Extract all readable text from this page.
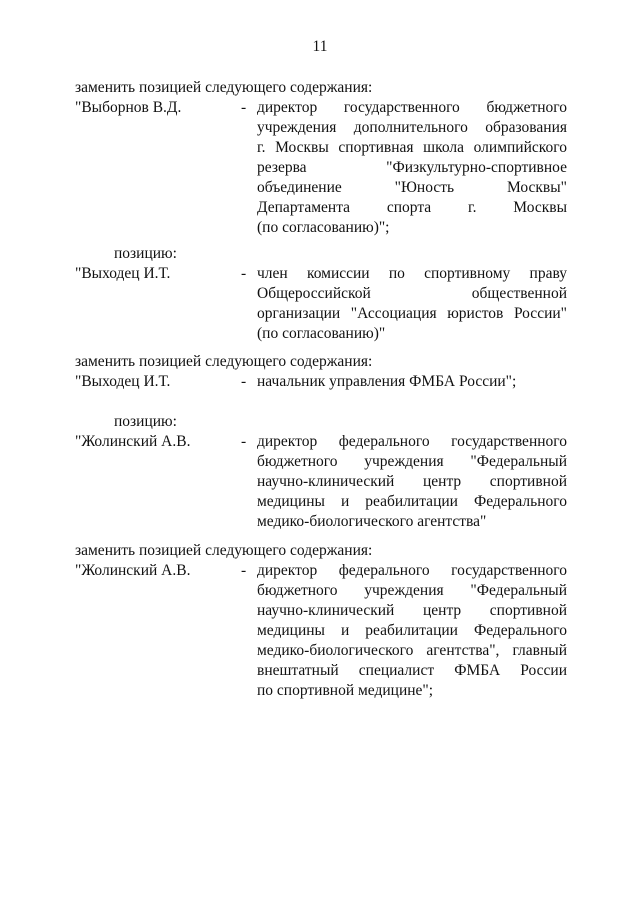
11
заменить позицией следующего содержания:
"Выборнов В.Д.	- директор государственного бюджетного
учреждения дополнительного образования
г. Москвы спортивная школа олимпийского
резерва "Физкультурно-спортивное
объединение "Юность Москвы"
Департамента спорта г. Москвы
(по согласованию)";
позицию:
"Выходец И.Т.	- член комиссии по спортивному праву
Общероссийской общественной
организации "Ассоциация юристов России"
(по согласованию)"
заменить позицией следующего содержания:
"Выходец И.Т.	- начальник управления ФМБА России";
позицию:
"Жолинский А.В.	- директор федерального государственного
бюджетного учреждения "Федеральный
научно-клинический центр спортивной
медицины и реабилитации Федерального
медико-биологического агентства"
заменить позицией следующего содержания:
"Жолинский А.В.	- директор федерального государственного
бюджетного учреждения "Федеральный
научно-клинический центр спортивной
медицины и реабилитации Федерального
медико-биологического агентства", главный
внештатный специалист ФМБА России
по спортивной медицине";
